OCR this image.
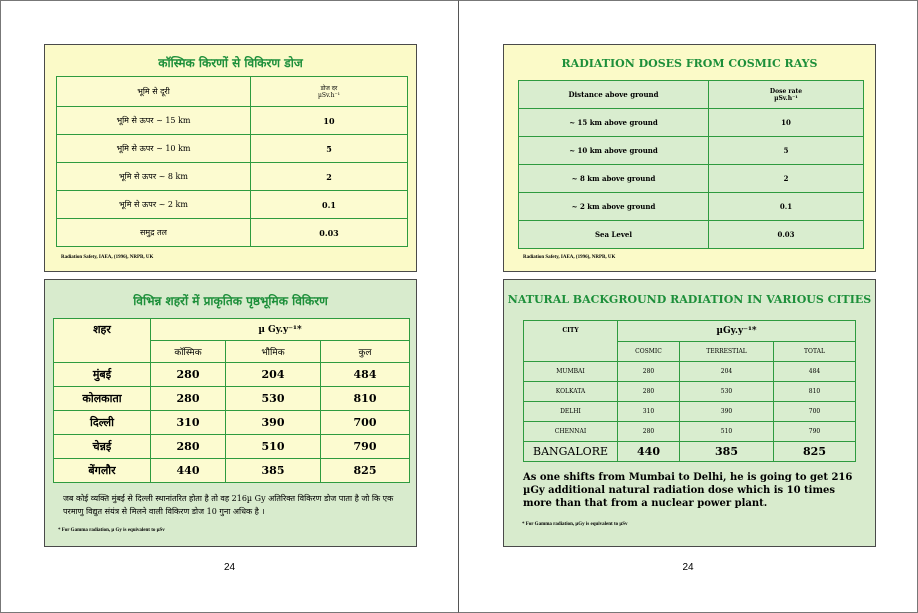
कॉस्मिक किरणों से विकिरण डोज
भूमि से दूरी	डोज दर
µSv.h⁻¹

भूमि से ऊपर ~ 15 km	10
भूमि से ऊपर ~ 10 km	5
भूमि से ऊपर ~ 8 km	2
भूमि से ऊपर ~ 2 km	0.1
समुद्र तल	0.03
Radiation Safety, IAEA, (1996), NRPB, UK
विभिन्न शहरों में प्राकृतिक पृष्ठभूमिक विकिरण
शहर	µ Gy.y⁻¹*		
	कॉस्मिक	भौमिक	कुल
मुंबई	280	204	484
कोलकाता	280	530	810
दिल्ली	310	390	700
चेन्नई	280	510	790
बेंगलौर	440	385	825
जब कोई व्यक्ति मुंबई से दिल्ली स्थानांतरित होता है तो वह 216µ Gy अतिरिक्त विकिरण डोज पाता है जो कि एक परमाणु विद्युत संयंत्र से मिलने वाली विकिरण डोज 10 गुना अधिक है ।
* For Gamma radiation, µ Gy is equivalent to µSv
24
RADIATION DOSES FROM COSMIC RAYS
Distance above ground	Dose rate
µSv.h⁻¹

~ 15 km above ground	10
~ 10 km above ground	5
~ 8 km above ground	2
~ 2 km above ground	0.1
Sea Level	0.03
Radiation Safety, IAEA, (1996), NRPB, UK
NATURAL BACKGROUND RADIATION IN VARIOUS CITIES
CITY	µGy.y⁻¹*		
	COSMIC	TERRESTIAL	TOTAL
MUMBAI	280	204	484
KOLKATA	280	530	810
DELHI	310	390	700
CHENNAI	280	510	790
BANGALORE	440	385	825
As one shifts from Mumbai to Delhi, he is going to get 216 µGy additional natural radiation dose which is 10 times more than that from a nuclear power plant.
* For Gamma radiation, µGy is equivalent to µSv
24
